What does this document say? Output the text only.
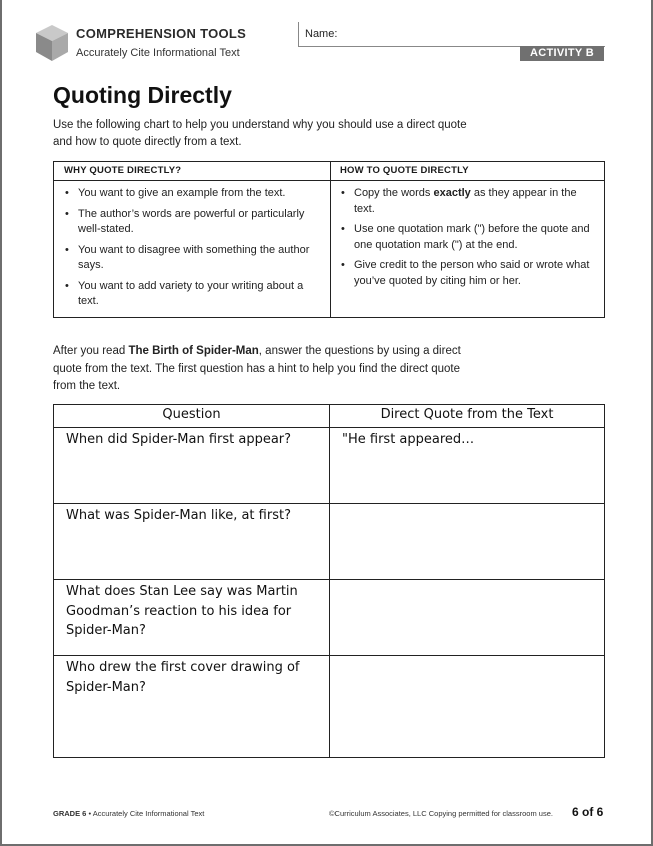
COMPREHENSION TOOLS
Accurately Cite Informational Text
Name:
ACTIVITY B
Quoting Directly

Use the following chart to help you understand why you should use a direct quote and how to quote directly from a text.

WHY QUOTE DIRECTLY?
• You want to give an example from the text.
• The author’s words are powerful or particularly well-stated.
• You want to disagree with something the author says.
• You want to add variety to your writing about a text.
HOW TO QUOTE DIRECTLY
• Copy the words exactly as they appear in the text.
• Use one quotation mark (") before the quote and one quotation mark (") at the end.
• Give credit to the person who said or wrote what you’ve quoted by citing him or her.

After you read The Birth of Spider-Man, answer the questions by using a direct quote from the text. The first question has a hint to help you find the direct quote from the text.

Question	Direct Quote from the Text
When did Spider-Man first appear?	"He first appeared…
What was Spider-Man like, at first?
What does Stan Lee say was Martin Goodman’s reaction to his idea for Spider-Man?
Who drew the first cover drawing of Spider-Man?
GRADE 6 • Accurately Cite Informational Text	©Curriculum Associates, LLC Copying permitted for classroom use. 6 of 6
